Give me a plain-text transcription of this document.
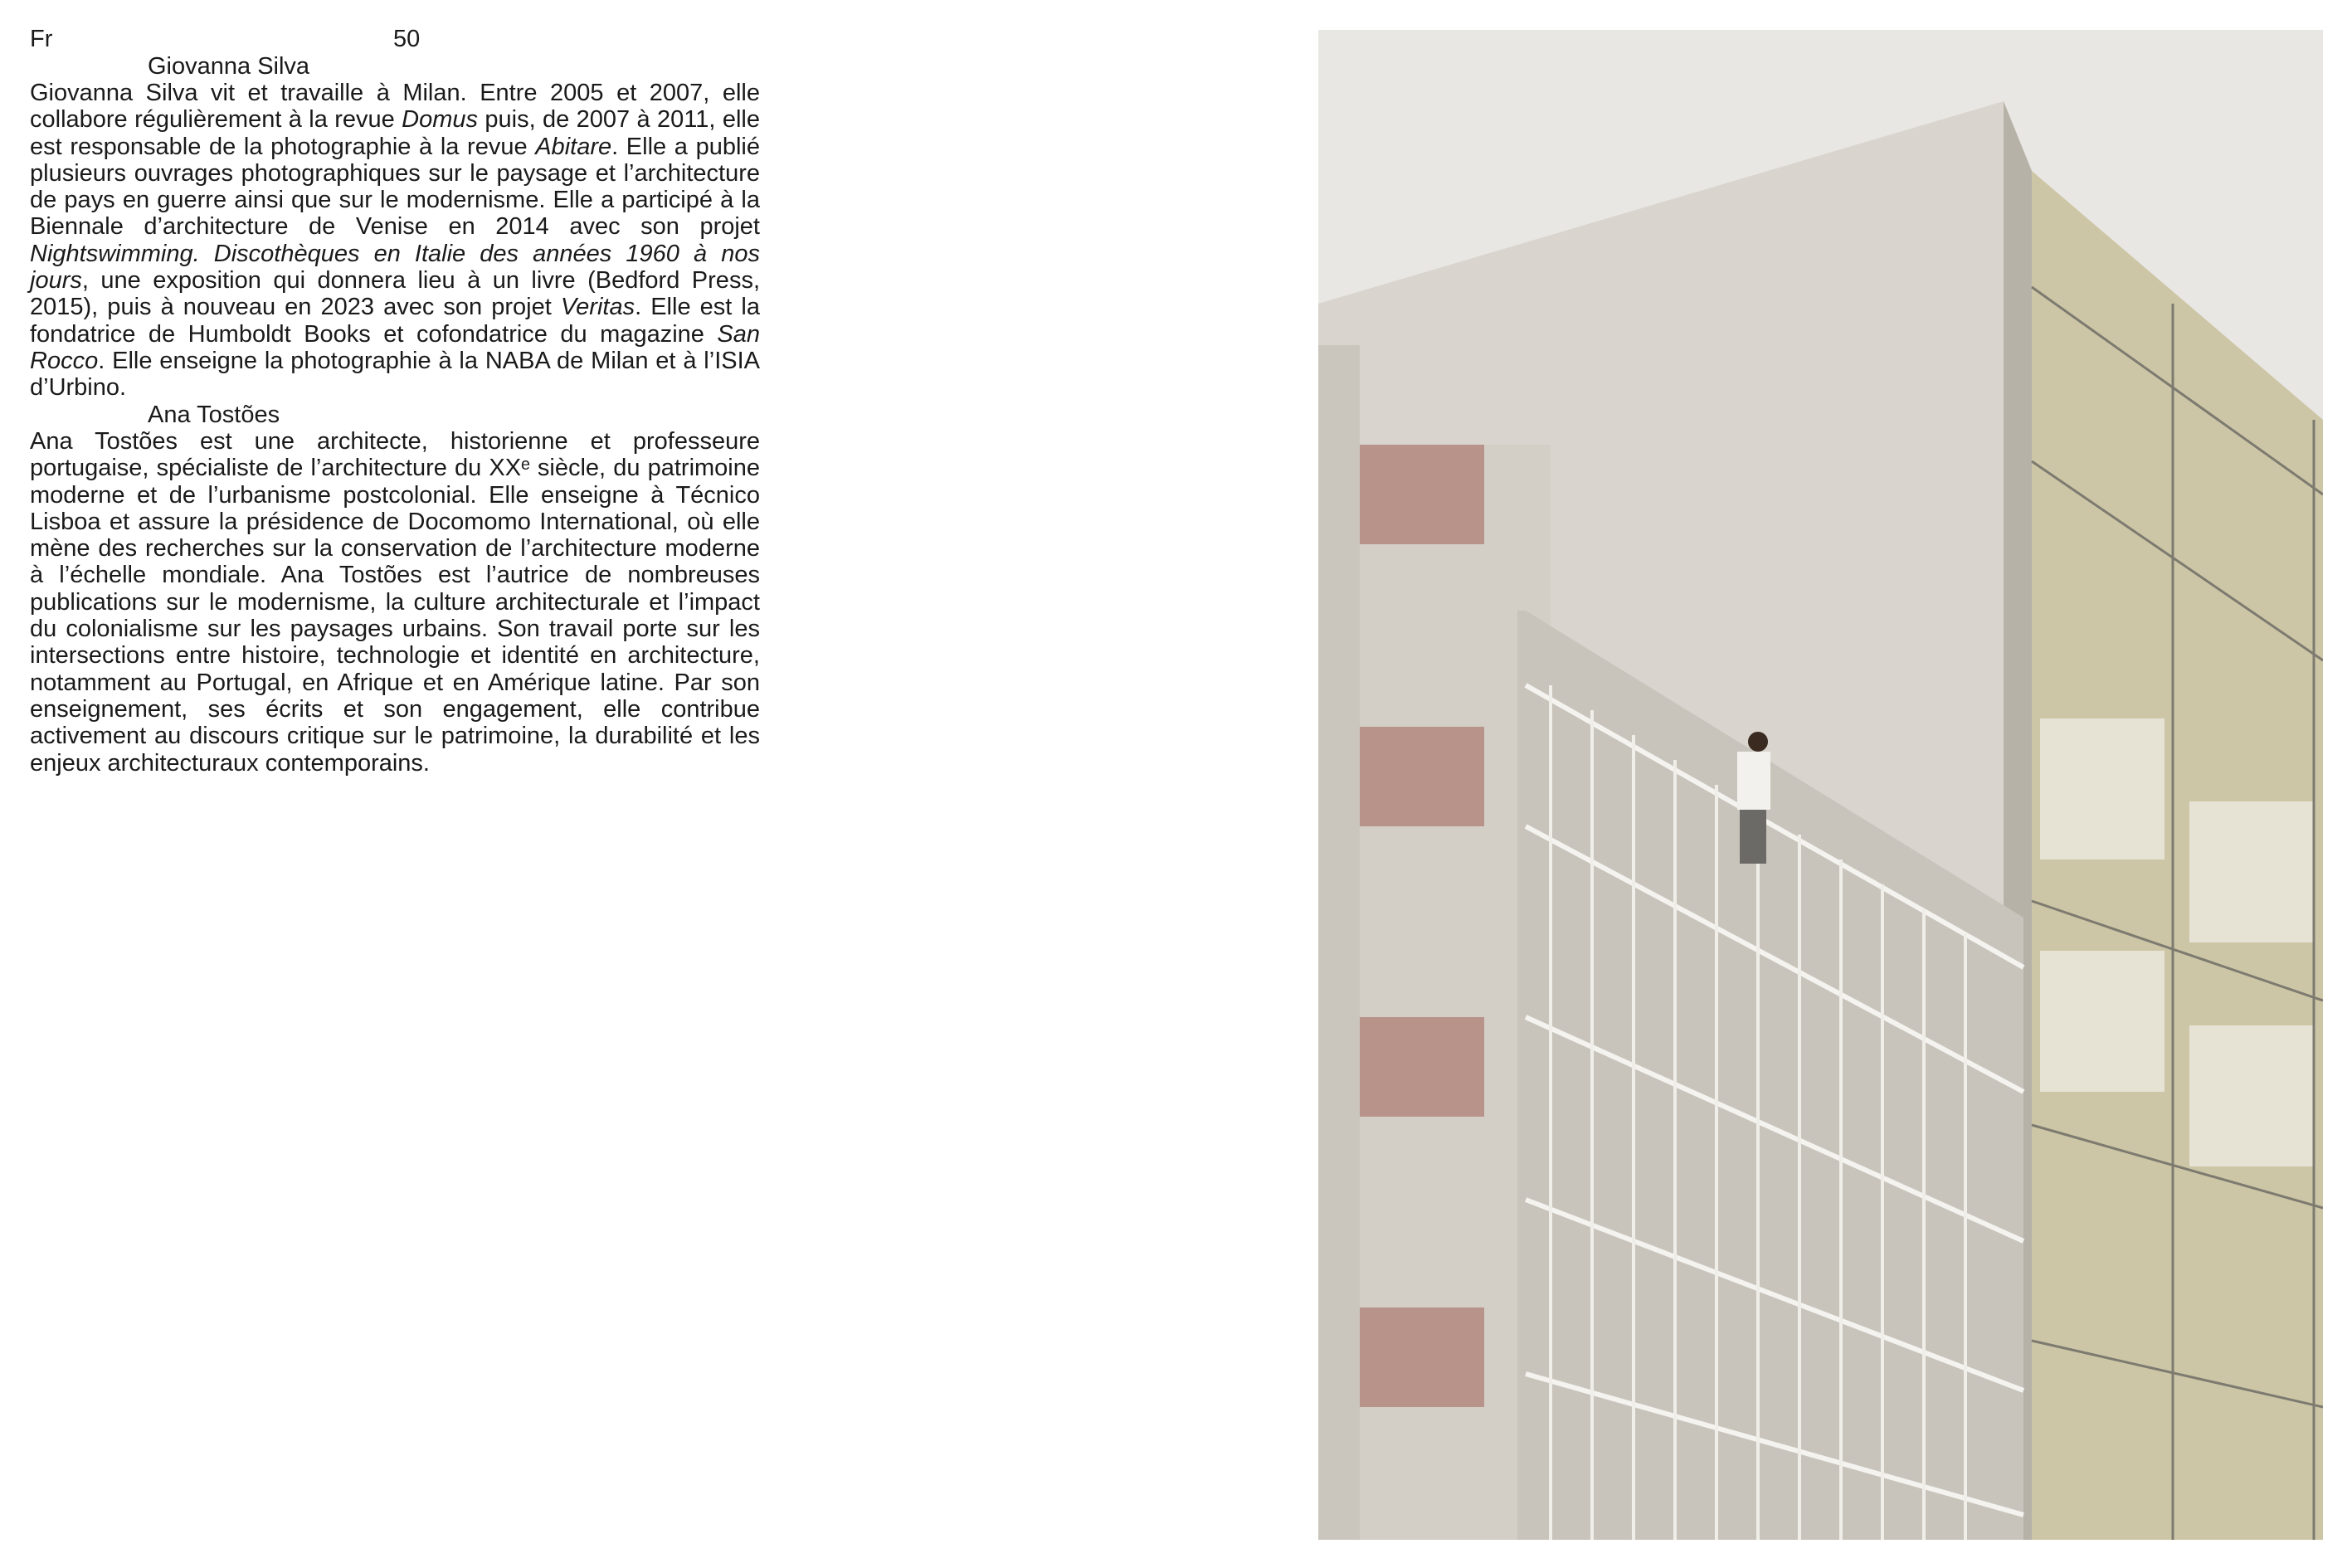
Fr	50
Giovanna Silva

Giovanna Silva vit et travaille à Milan. Entre 2005 et 2007, elle collabore régulièrement à la revue Domus puis, de 2007 à 2011, elle est responsable de la photographie à la revue Abitare. Elle a publié plusieurs ouvrages photographiques sur le paysage et l’architecture de pays en guerre ainsi que sur le modernisme. Elle a participé à la Biennale d’architecture de Venise en 2014 avec son projet Nightswimming. Discothèques en Italie des années 1960 à nos jours, une exposition qui donnera lieu à un livre (Bedford Press, 2015), puis à nouveau en 2023 avec son projet Veritas. Elle est la fondatrice de Humboldt Books et cofondatrice du magazine San Rocco. Elle enseigne la photographie à la NABA de Milan et à l’ISIA d’Urbino.

Ana Tostões

Ana Tostões est une architecte, historienne et professeure portugaise, spécialiste de l’architecture du XXᵉ siècle, du patrimoine moderne et de l’urbanisme postcolonial. Elle enseigne à Técnico Lisboa et assure la présidence de Docomomo International, où elle mène des recherches sur la conservation de l’architecture moderne à l’échelle mondiale. Ana Tostões est l’autrice de nombreuses publications sur le modernisme, la culture architecturale et l’impact du colonialisme sur les paysages urbains. Son travail porte sur les intersections entre histoire, technologie et identité en architecture, notamment au Portugal, en Afrique et en Amérique latine. Par son enseignement, ses écrits et son engagement, elle contribue activement au discours critique sur le patrimoine, la durabilité et les enjeux architecturaux contemporains.
